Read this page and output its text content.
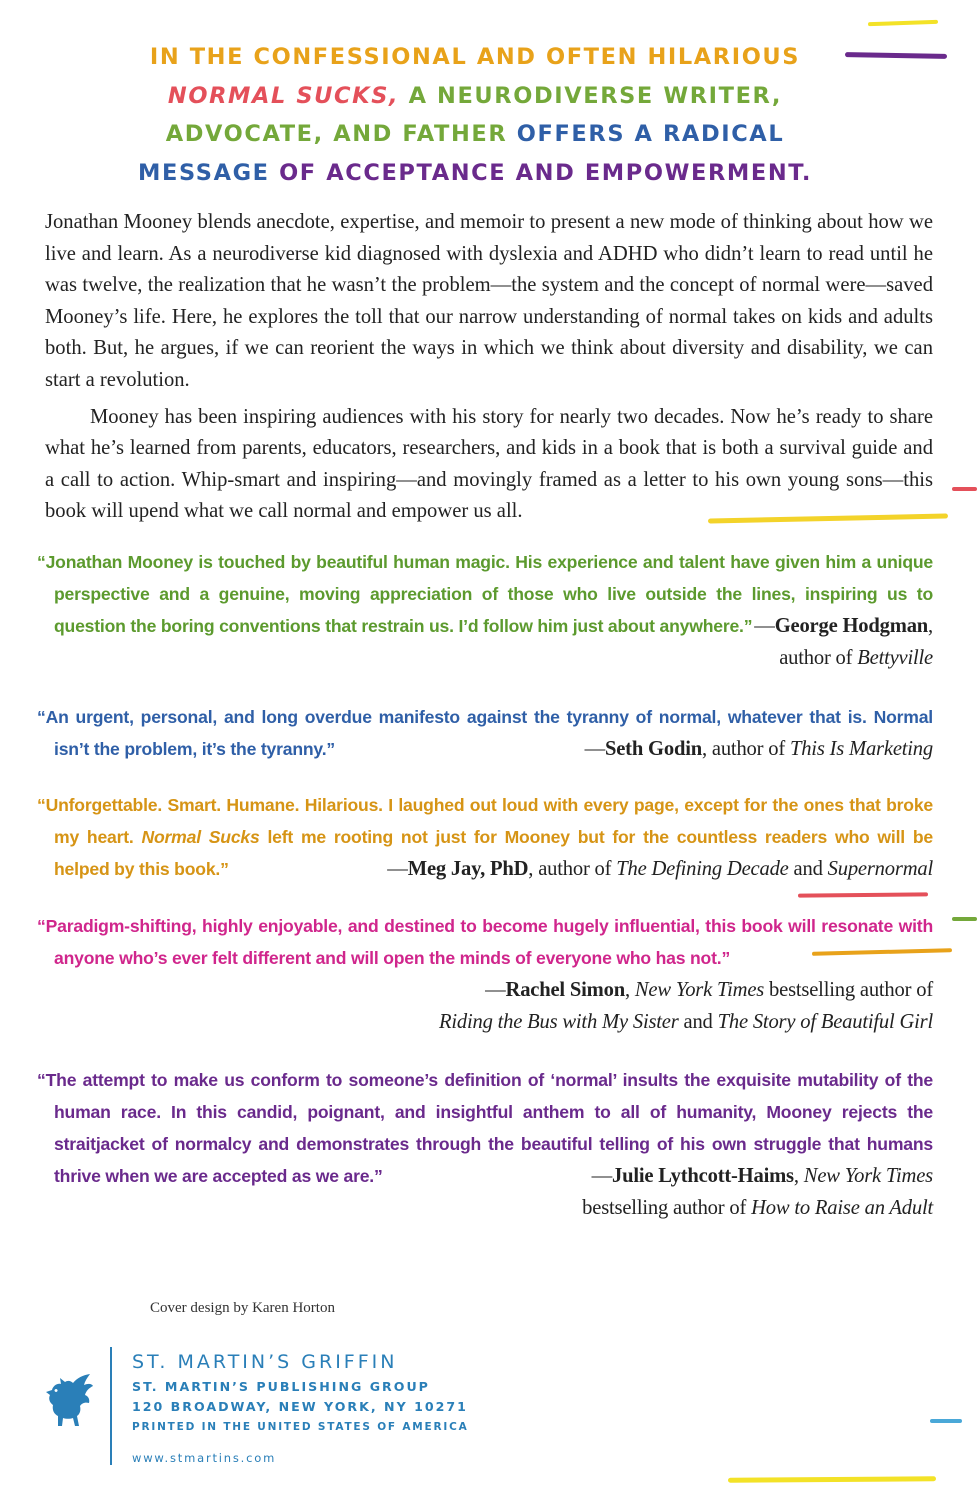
IN THE CONFESSIONAL AND OFTEN HILARIOUS
NORMAL SUCKS, A NEURODIVERSE WRITER,
ADVOCATE, AND FATHER OFFERS A RADICAL
MESSAGE OF ACCEPTANCE AND EMPOWERMENT.

Jonathan Mooney blends anecdote, expertise, and memoir to present a new mode of thinking about how we live and learn. As a neurodiverse kid diagnosed with dyslexia and ADHD who didn’t learn to read until he was twelve, the realization that he wasn’t the problem—the system and the concept of normal were—saved Mooney’s life. Here, he explores the toll that our narrow understanding of normal takes on kids and adults both. But, he argues, if we can reorient the ways in which we think about diversity and disability, we can start a revolution.

Mooney has been inspiring audiences with his story for nearly two decades. Now he’s ready to share what he’s learned from parents, educators, researchers, and kids in a book that is both a survival guide and a call to action. Whip-smart and inspiring—and movingly framed as a letter to his own young sons—this book will upend what we call normal and empower us all.

“Jonathan Mooney is touched by beautiful human magic. His experience and talent have given him a unique perspective and a genuine, moving appreciation of those who live outside the lines, inspiring us to question the boring conventions that restrain us. I’d follow him just about anywhere.” —George Hodgman,
author of Bettyville
“An urgent, personal, and long overdue manifesto against the tyranny of normal, whatever that is. Normal isn’t the problem, it’s the tyranny.”	—Seth Godin, author of This Is Marketing
“Unforgettable. Smart. Humane. Hilarious. I laughed out loud with every page, except for the ones that broke my heart. Normal Sucks left me rooting not just for Mooney but for the countless readers who will be helped by this book.”	—Meg Jay, PhD, author of The Defining Decade and Supernormal
“Paradigm-shifting, highly enjoyable, and destined to become hugely influential, this book will resonate with anyone who’s ever felt different and will open the minds of everyone who has not.”
—Rachel Simon, New York Times bestselling author of
Riding the Bus with My Sister and The Story of Beautiful Girl
“The attempt to make us conform to someone’s definition of ‘normal’ insults the exquisite mutability of the human race. In this candid, poignant, and insightful anthem to all of humanity, Mooney rejects the straitjacket of normalcy and demonstrates through the beautiful telling of his own struggle that humans thrive when we are accepted as we are.”	—Julie Lythcott-Haims, New York Times
bestselling author of How to Raise an Adult
Cover design by Karen Horton
ST. MARTIN’S GRIFFIN
ST. MARTIN’S PUBLISHING GROUP
120 BROADWAY, NEW YORK, NY 10271
PRINTED IN THE UNITED STATES OF AMERICA
www.stmartins.com
